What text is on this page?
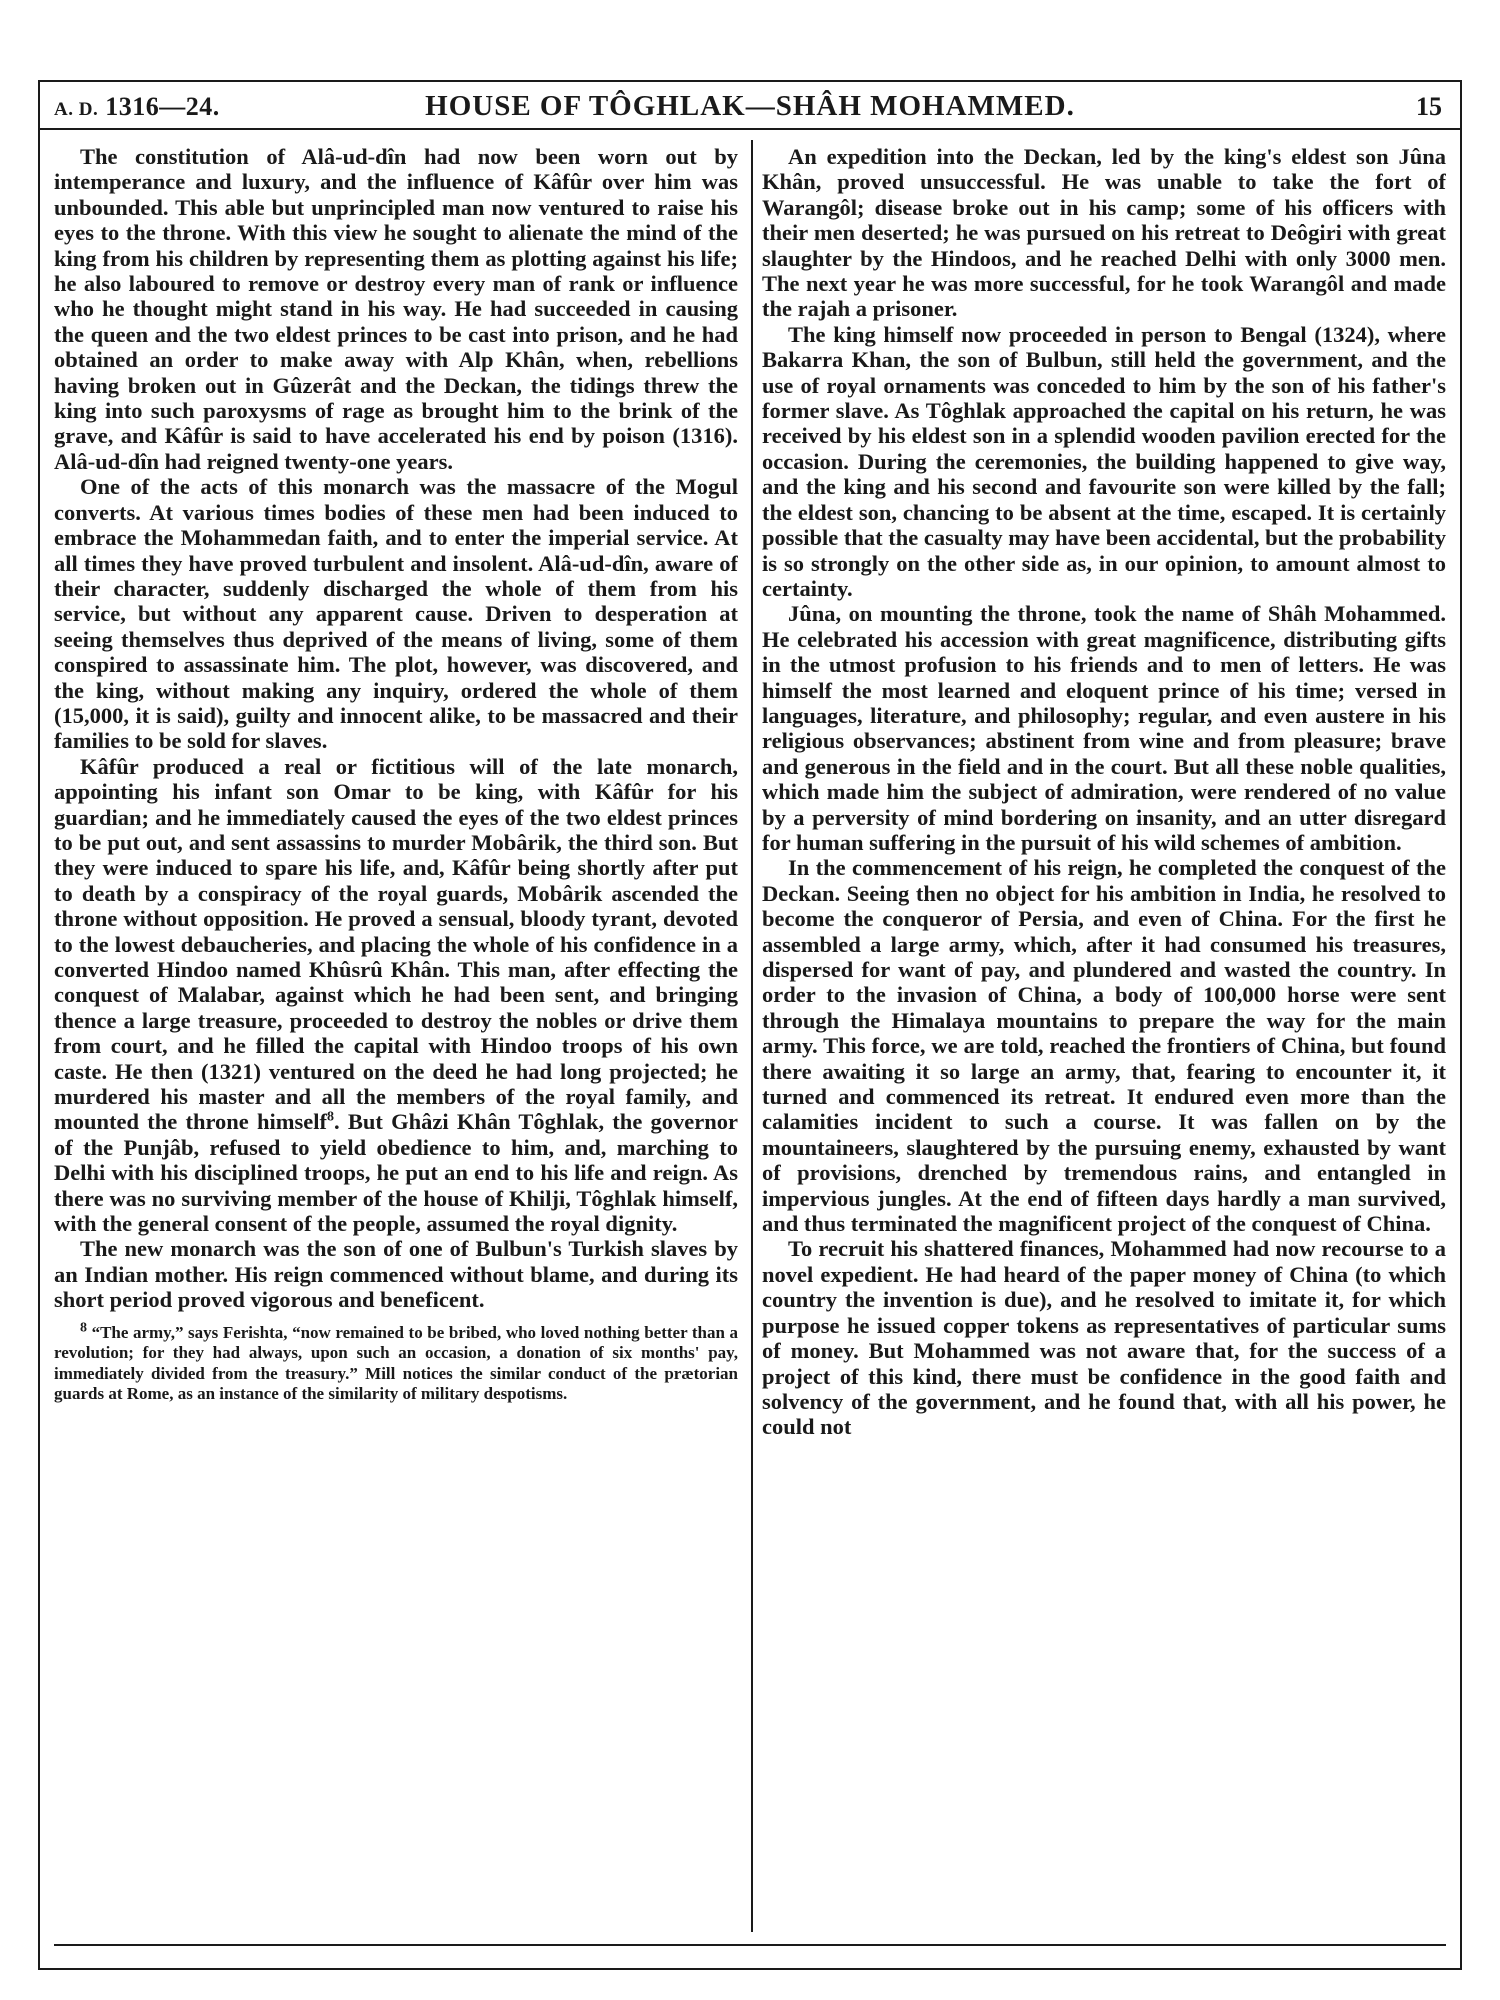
A. D. 1316—24.	HOUSE OF TÔGHLAK—SHÂH MOHAMMED.	15

The constitution of Alâ-ud-dîn had now been worn out by intemperance and luxury, and the influence of Kâfûr over him was unbounded. This able but unprincipled man now ventured to raise his eyes to the throne. With this view he sought to alienate the mind of the king from his children by representing them as plotting against his life; he also laboured to remove or destroy every man of rank or influence who he thought might stand in his way. He had succeeded in causing the queen and the two eldest princes to be cast into prison, and he had obtained an order to make away with Alp Khân, when, rebellions having broken out in Gûzerât and the Deckan, the tidings threw the king into such paroxysms of rage as brought him to the brink of the grave, and Kâfûr is said to have accelerated his end by poison (1316). Alâ-ud-dîn had reigned twenty-one years.

One of the acts of this monarch was the massacre of the Mogul converts. At various times bodies of these men had been induced to embrace the Mohammedan faith, and to enter the imperial service. At all times they have proved turbulent and insolent. Alâ-ud-dîn, aware of their character, suddenly discharged the whole of them from his service, but without any apparent cause. Driven to desperation at seeing themselves thus deprived of the means of living, some of them conspired to assassinate him. The plot, however, was discovered, and the king, without making any inquiry, ordered the whole of them (15,000, it is said), guilty and innocent alike, to be massacred and their families to be sold for slaves.

Kâfûr produced a real or fictitious will of the late monarch, appointing his infant son Omar to be king, with Kâfûr for his guardian; and he immediately caused the eyes of the two eldest princes to be put out, and sent assassins to murder Mobârik, the third son. But they were induced to spare his life, and, Kâfûr being shortly after put to death by a conspiracy of the royal guards, Mobârik ascended the throne without opposition. He proved a sensual, bloody tyrant, devoted to the lowest debaucheries, and placing the whole of his confidence in a converted Hindoo named Khûsrû Khân. This man, after effecting the conquest of Malabar, against which he had been sent, and bringing thence a large treasure, proceeded to destroy the nobles or drive them from court, and he filled the capital with Hindoo troops of his own caste. He then (1321) ventured on the deed he had long projected; he murdered his master and all the members of the royal family, and mounted the throne himself$^8$. But Ghâzi Khân Tôghlak, the governor of the Punjâb, refused to yield obedience to him, and, marching to Delhi with his disciplined troops, he put an end to his life and reign. As there was no surviving member of the house of Khilji, Tôghlak himself, with the general consent of the people, assumed the royal dignity.

The new monarch was the son of one of Bulbun's Turkish slaves by an Indian mother. His reign commenced without blame, and during its short period proved vigorous and beneficent.

$^8$ “The army,” says Ferishta, “now remained to be bribed, who loved nothing better than a revolution; for they had always, upon such an occasion, a donation of six months' pay, immediately divided from the treasury.” Mill notices the similar conduct of the prætorian guards at Rome, as an instance of the similarity of military despotisms.

An expedition into the Deckan, led by the king's eldest son Jûna Khân, proved unsuccessful. He was unable to take the fort of Warangôl; disease broke out in his camp; some of his officers with their men deserted; he was pursued on his retreat to Deôgiri with great slaughter by the Hindoos, and he reached Delhi with only 3000 men. The next year he was more successful, for he took Warangôl and made the rajah a prisoner.

The king himself now proceeded in person to Bengal (1324), where Bakarra Khan, the son of Bulbun, still held the government, and the use of royal ornaments was conceded to him by the son of his father's former slave. As Tôghlak approached the capital on his return, he was received by his eldest son in a splendid wooden pavilion erected for the occasion. During the ceremonies, the building happened to give way, and the king and his second and favourite son were killed by the fall; the eldest son, chancing to be absent at the time, escaped. It is certainly possible that the casualty may have been accidental, but the probability is so strongly on the other side as, in our opinion, to amount almost to certainty.

Jûna, on mounting the throne, took the name of Shâh Mohammed. He celebrated his accession with great magnificence, distributing gifts in the utmost profusion to his friends and to men of letters. He was himself the most learned and eloquent prince of his time; versed in languages, literature, and philosophy; regular, and even austere in his religious observances; abstinent from wine and from pleasure; brave and generous in the field and in the court. But all these noble qualities, which made him the subject of admiration, were rendered of no value by a perversity of mind bordering on insanity, and an utter disregard for human suffering in the pursuit of his wild schemes of ambition.

In the commencement of his reign, he completed the conquest of the Deckan. Seeing then no object for his ambition in India, he resolved to become the conqueror of Persia, and even of China. For the first he assembled a large army, which, after it had consumed his treasures, dispersed for want of pay, and plundered and wasted the country. In order to the invasion of China, a body of 100,000 horse were sent through the Himalaya mountains to prepare the way for the main army. This force, we are told, reached the frontiers of China, but found there awaiting it so large an army, that, fearing to encounter it, it turned and commenced its retreat. It endured even more than the calamities incident to such a course. It was fallen on by the mountaineers, slaughtered by the pursuing enemy, exhausted by want of provisions, drenched by tremendous rains, and entangled in impervious jungles. At the end of fifteen days hardly a man survived, and thus terminated the magnificent project of the conquest of China.

To recruit his shattered finances, Mohammed had now recourse to a novel expedient. He had heard of the paper money of China (to which country the invention is due), and he resolved to imitate it, for which purpose he issued copper tokens as representatives of particular sums of money. But Mohammed was not aware that, for the success of a project of this kind, there must be confidence in the good faith and solvency of the government, and he found that, with all his power, he could not
